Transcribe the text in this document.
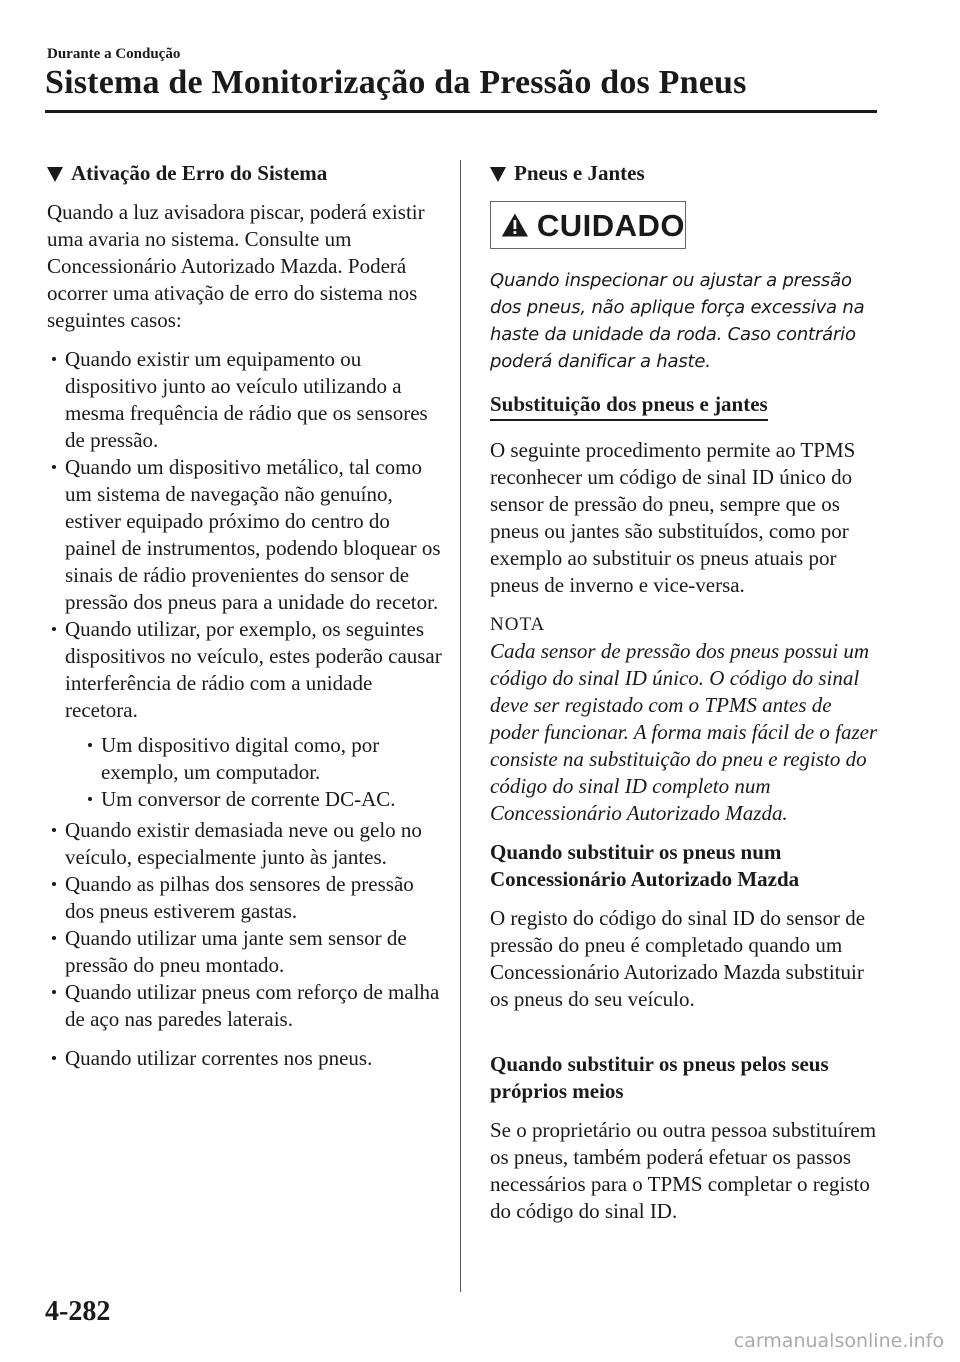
Durante a Condução
Sistema de Monitorização da Pressão dos Pneus
Ativação de Erro do Sistema

Quando a luz avisadora piscar, poderá existir uma avaria no sistema. Consulte um Concessionário Autorizado Mazda. Poderá ocorrer uma ativação de erro do sistema nos seguintes casos:

Quando existir um equipamento ou dispositivo junto ao veículo utilizando a mesma frequência de rádio que os sensores de pressão.
Quando um dispositivo metálico, tal como um sistema de navegação não genuíno, estiver equipado próximo do centro do painel de instrumentos, podendo bloquear os sinais de rádio provenientes do sensor de pressão dos pneus para a unidade do recetor.
Quando utilizar, por exemplo, os seguintes dispositivos no veículo, estes poderão causar interferência de rádio com a unidade recetora.
Um dispositivo digital como, por exemplo, um computador.
Um conversor de corrente DC-AC.
Quando existir demasiada neve ou gelo no veículo, especialmente junto às jantes.
Quando as pilhas dos sensores de pressão dos pneus estiverem gastas.
Quando utilizar uma jante sem sensor de pressão do pneu montado.
Quando utilizar pneus com reforço de malha de aço nas paredes laterais.
Quando utilizar correntes nos pneus.
Pneus e Jantes
CUIDADO

Quando inspecionar ou ajustar a pressão dos pneus, não aplique força excessiva na haste da unidade da roda. Caso contrário poderá danificar a haste.

Substituição dos pneus e jantes

O seguinte procedimento permite ao TPMS reconhecer um código de sinal ID único do sensor de pressão do pneu, sempre que os pneus ou jantes são substituídos, como por exemplo ao substituir os pneus atuais por pneus de inverno e vice-versa.

NOTA

Cada sensor de pressão dos pneus possui um código do sinal ID único. O código do sinal deve ser registado com o TPMS antes de poder funcionar. A forma mais fácil de o fazer consiste na substituição do pneu e registo do código do sinal ID completo num Concessionário Autorizado Mazda.

Quando substituir os pneus num Concessionário Autorizado Mazda

O registo do código do sinal ID do sensor de pressão do pneu é completado quando um Concessionário Autorizado Mazda substituir os pneus do seu veículo.

Quando substituir os pneus pelos seus próprios meios

Se o proprietário ou outra pessoa substituírem os pneus, também poderá efetuar os passos necessários para o TPMS completar o registo do código do sinal ID.

4-282
carmanualsonline.info
